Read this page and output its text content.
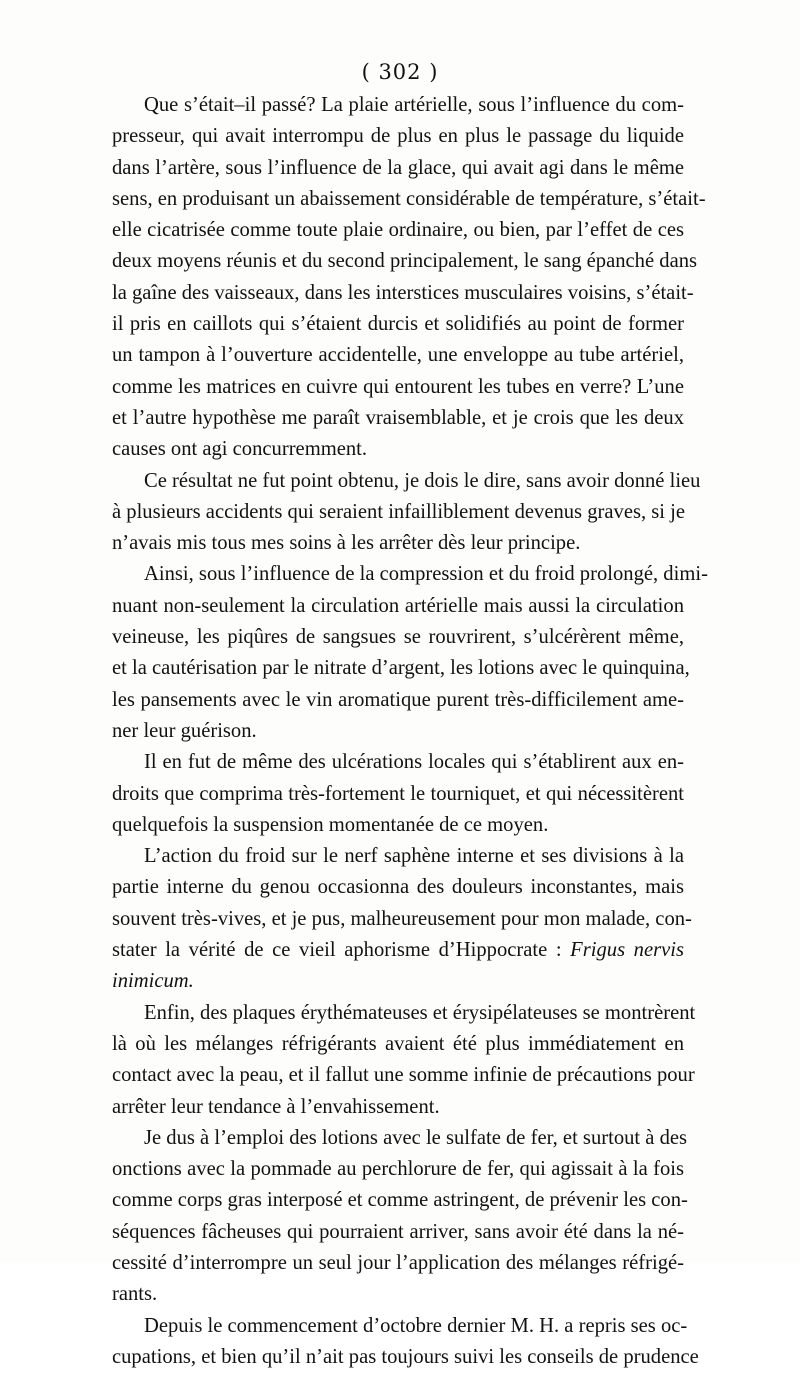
( 302 )
Que s’était–il passé? La plaie artérielle, sous l’influence du com-
presseur, qui avait interrompu de plus en plus le passage du liquide
dans l’artère, sous l’influence de la glace, qui avait agi dans le même
sens, en produisant un abaissement considérable de température, s’était-
elle cicatrisée comme toute plaie ordinaire, ou bien, par l’effet de ces
deux moyens réunis et du second principalement, le sang épanché dans
la gaîne des vaisseaux, dans les interstices musculaires voisins, s’était-
il pris en caillots qui s’étaient durcis et solidifiés au point de former
un tampon à l’ouverture accidentelle, une enveloppe au tube artériel,
comme les matrices en cuivre qui entourent les tubes en verre? L’une
et l’autre hypothèse me paraît vraisemblable, et je crois que les deux
causes ont agi concurremment.
Ce résultat ne fut point obtenu, je dois le dire, sans avoir donné lieu
à plusieurs accidents qui seraient infailliblement devenus graves, si je
n’avais mis tous mes soins à les arrêter dès leur principe.
Ainsi, sous l’influence de la compression et du froid prolongé, dimi-
nuant non-seulement la circulation artérielle mais aussi la circulation
veineuse, les piqûres de sangsues se rouvrirent, s’ulcérèrent même,
et la cautérisation par le nitrate d’argent, les lotions avec le quinquina,
les pansements avec le vin aromatique purent très-difficilement ame-
ner leur guérison.
Il en fut de même des ulcérations locales qui s’établirent aux en-
droits que comprima très-fortement le tourniquet, et qui nécessitèrent
quelquefois la suspension momentanée de ce moyen.
L’action du froid sur le nerf saphène interne et ses divisions à la
partie interne du genou occasionna des douleurs inconstantes, mais
souvent très-vives, et je pus, malheureusement pour mon malade, con-
stater la vérité de ce vieil aphorisme d’Hippocrate : Frigus nervis
inimicum.
Enfin, des plaques érythémateuses et érysipélateuses se montrèrent
là où les mélanges réfrigérants avaient été plus immédiatement en
contact avec la peau, et il fallut une somme infinie de précautions pour
arrêter leur tendance à l’envahissement.
Je dus à l’emploi des lotions avec le sulfate de fer, et surtout à des
onctions avec la pommade au perchlorure de fer, qui agissait à la fois
comme corps gras interposé et comme astringent, de prévenir les con-
séquences fâcheuses qui pourraient arriver, sans avoir été dans la né-
cessité d’interrompre un seul jour l’application des mélanges réfrigé-
rants.
Depuis le commencement d’octobre dernier M. H. a repris ses oc-
cupations, et bien qu’il n’ait pas toujours suivi les conseils de prudence
